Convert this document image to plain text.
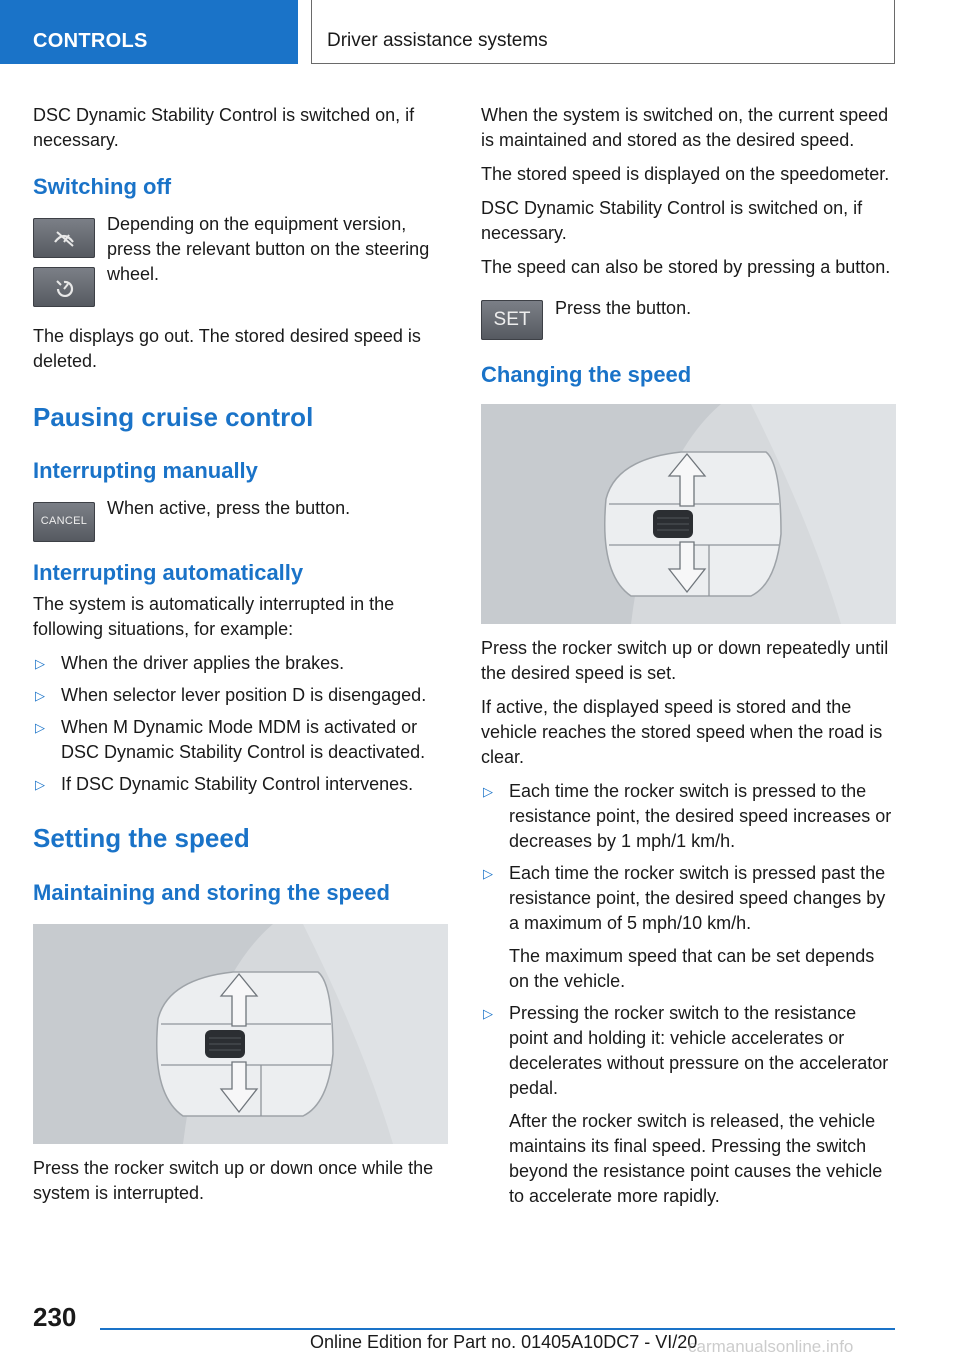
CONTROLS	Driver assistance systems

DSC Dynamic Stability Control is switched on, if necessary.

Switching off

Depending on the equipment version, press the relevant button on the steering wheel.

The displays go out. The stored desired speed is deleted.

Pausing cruise control
Interrupting manually
CANCEL

When active, press the button.

Interrupting automatically

The system is automatically interrupted in the following situations, for example:

▷ When the driver applies the brakes.
▷ When selector lever position D is disengaged.
▷ When M Dynamic Mode MDM is activated or DSC Dynamic Stability Control is deactivated.
▷ If DSC Dynamic Stability Control intervenes.
Setting the speed
Maintaining and storing the speed

Press the rocker switch up or down once while the system is interrupted.

When the system is switched on, the current speed is maintained and stored as the desired speed.

The stored speed is displayed on the speedometer.

DSC Dynamic Stability Control is switched on, if necessary.

The speed can also be stored by pressing a button.

SET

Press the button.

Changing the speed

Press the rocker switch up or down repeatedly until the desired speed is set.

If active, the displayed speed is stored and the vehicle reaches the stored speed when the road is clear.

▷ Each time the rocker switch is pressed to the resistance point, the desired speed increases or decreases by 1 mph/1 km/h.
▷ Each time the rocker switch is pressed past the resistance point, the desired speed changes by a maximum of 5 mph/10 km/h.

The maximum speed that can be set depends on the vehicle.

▷ Pressing the rocker switch to the resistance point and holding it: vehicle accelerates or decelerates without pressure on the accelerator pedal.

After the rocker switch is released, the vehicle maintains its final speed. Pressing the switch beyond the resistance point causes the vehicle to accelerate more rapidly.

230
Online Edition for Part no. 01405A10DC7 - VI/20
carmanualsonline.info
